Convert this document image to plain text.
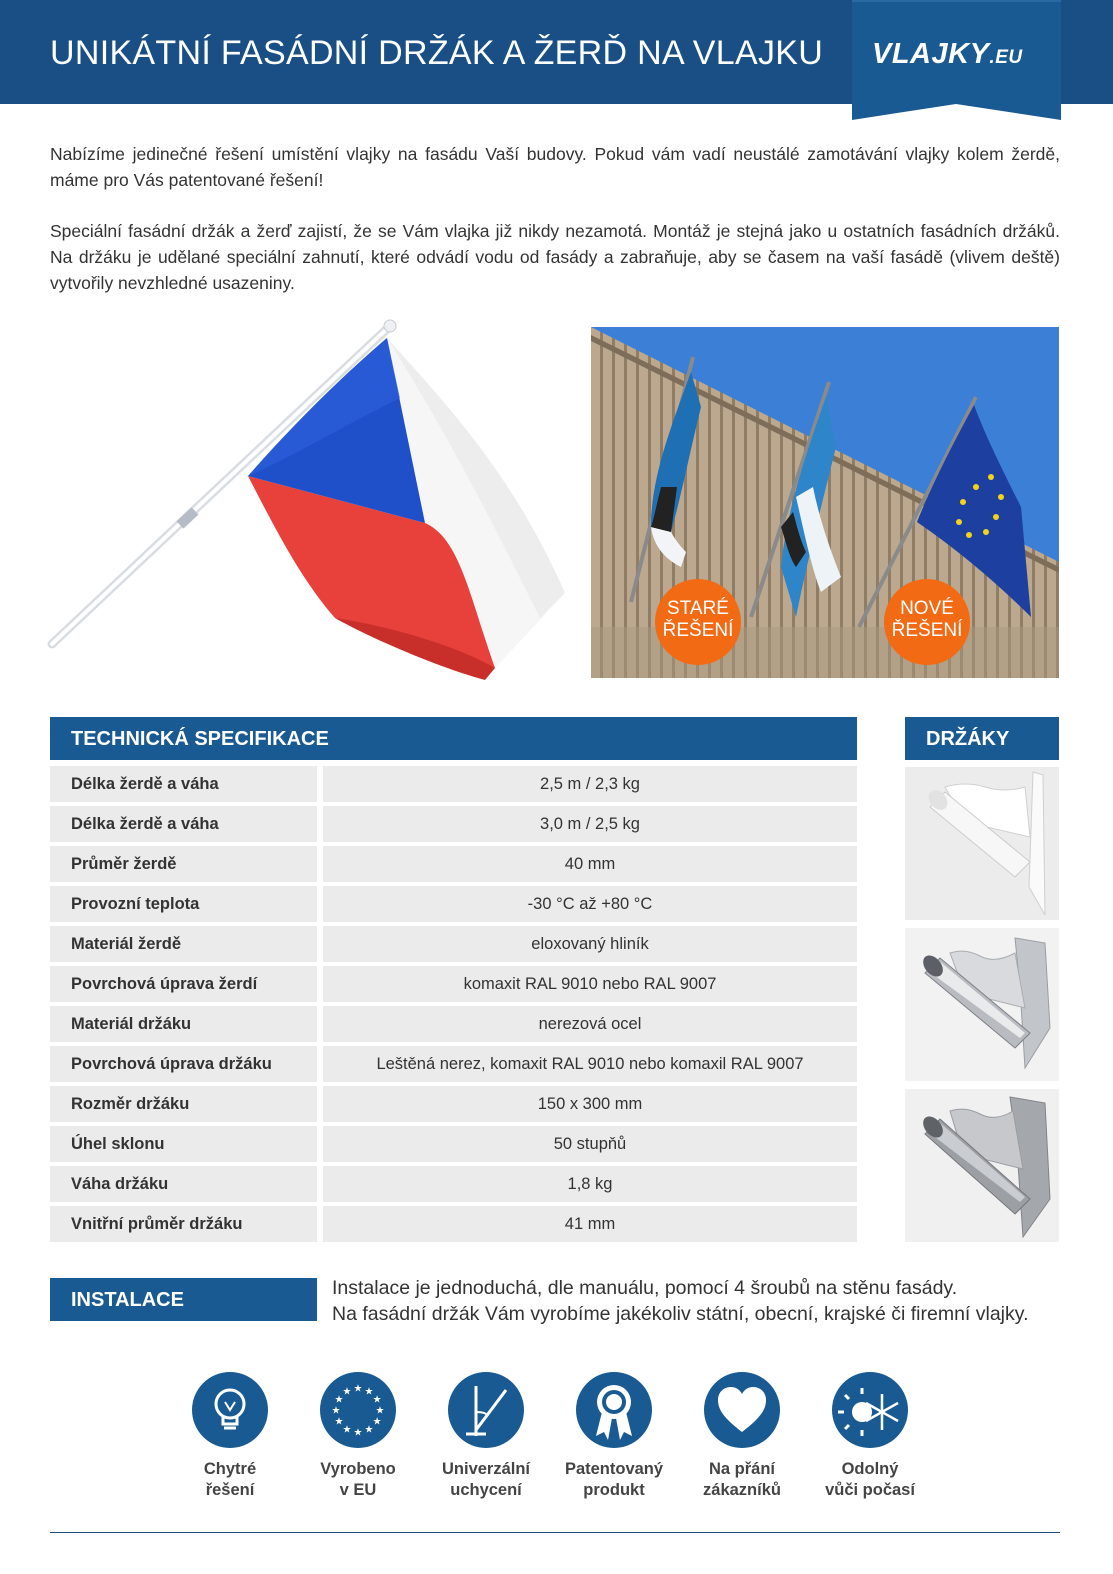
UNIKÁTNÍ FASÁDNÍ DRŽÁK A ŽERĎ NA VLAJKU VLAJKY.EU

Nabízíme jedinečné řešení umístění vlajky na fasádu Vaší budovy. Pokud vám vadí neustálé zamotávání vlajky kolem žerdě, máme pro Vás patentované řešení!

Speciální fasádní držák a žerď zajistí, že se Vám vlajka již nikdy nezamotá. Montáž je stejná jako u ostatních fasádních držáků. Na držáku je udělané speciální zahnutí, které odvádí vodu od fasády a zabraňuje, aby se časem na vaší fasádě (vlivem deště) vytvořily nevzhledné usazeniny.

STARÉ
ŘEŠENÍ
NOVÉ
ŘEŠENÍ
TECHNICKÁ SPECIFIKACE	DRŽÁKY
Délka žerdě a váha	2,5 m / 2,3 kg
Délka žerdě a váha	3,0 m / 2,5 kg
Průměr žerdě	40 mm
Provozní teplota	-30 °C až +80 °C
Materiál žerdě	eloxovaný hliník
Povrchová úprava žerdí	komaxit RAL 9010 nebo RAL 9007
Materiál držáku	nerezová ocel
Povrchová úprava držáku	Leštěná nerez, komaxit RAL 9010 nebo komaxil RAL 9007
Rozměr držáku	150 x 300 mm
Úhel sklonu	50 stupňů
Váha držáku	1,8 kg
Vnitřní průměr držáku	41 mm
INSTALACE
Instalace je jednoduchá, dle manuálu, pomocí 4 šroubů na stěnu fasády.
Na fasádní držák Vám vyrobíme jakékoliv státní, obecní, krajské či firemní vlajky.
Chytré
řešení
★ ★
★
★
★
★
★
★
★
★
★
★
Vyrobeno
v EU
Univerzální
uchycení
Patentovaný
produkt
Na přání
zákazníků
Odolný
vůči počasí
